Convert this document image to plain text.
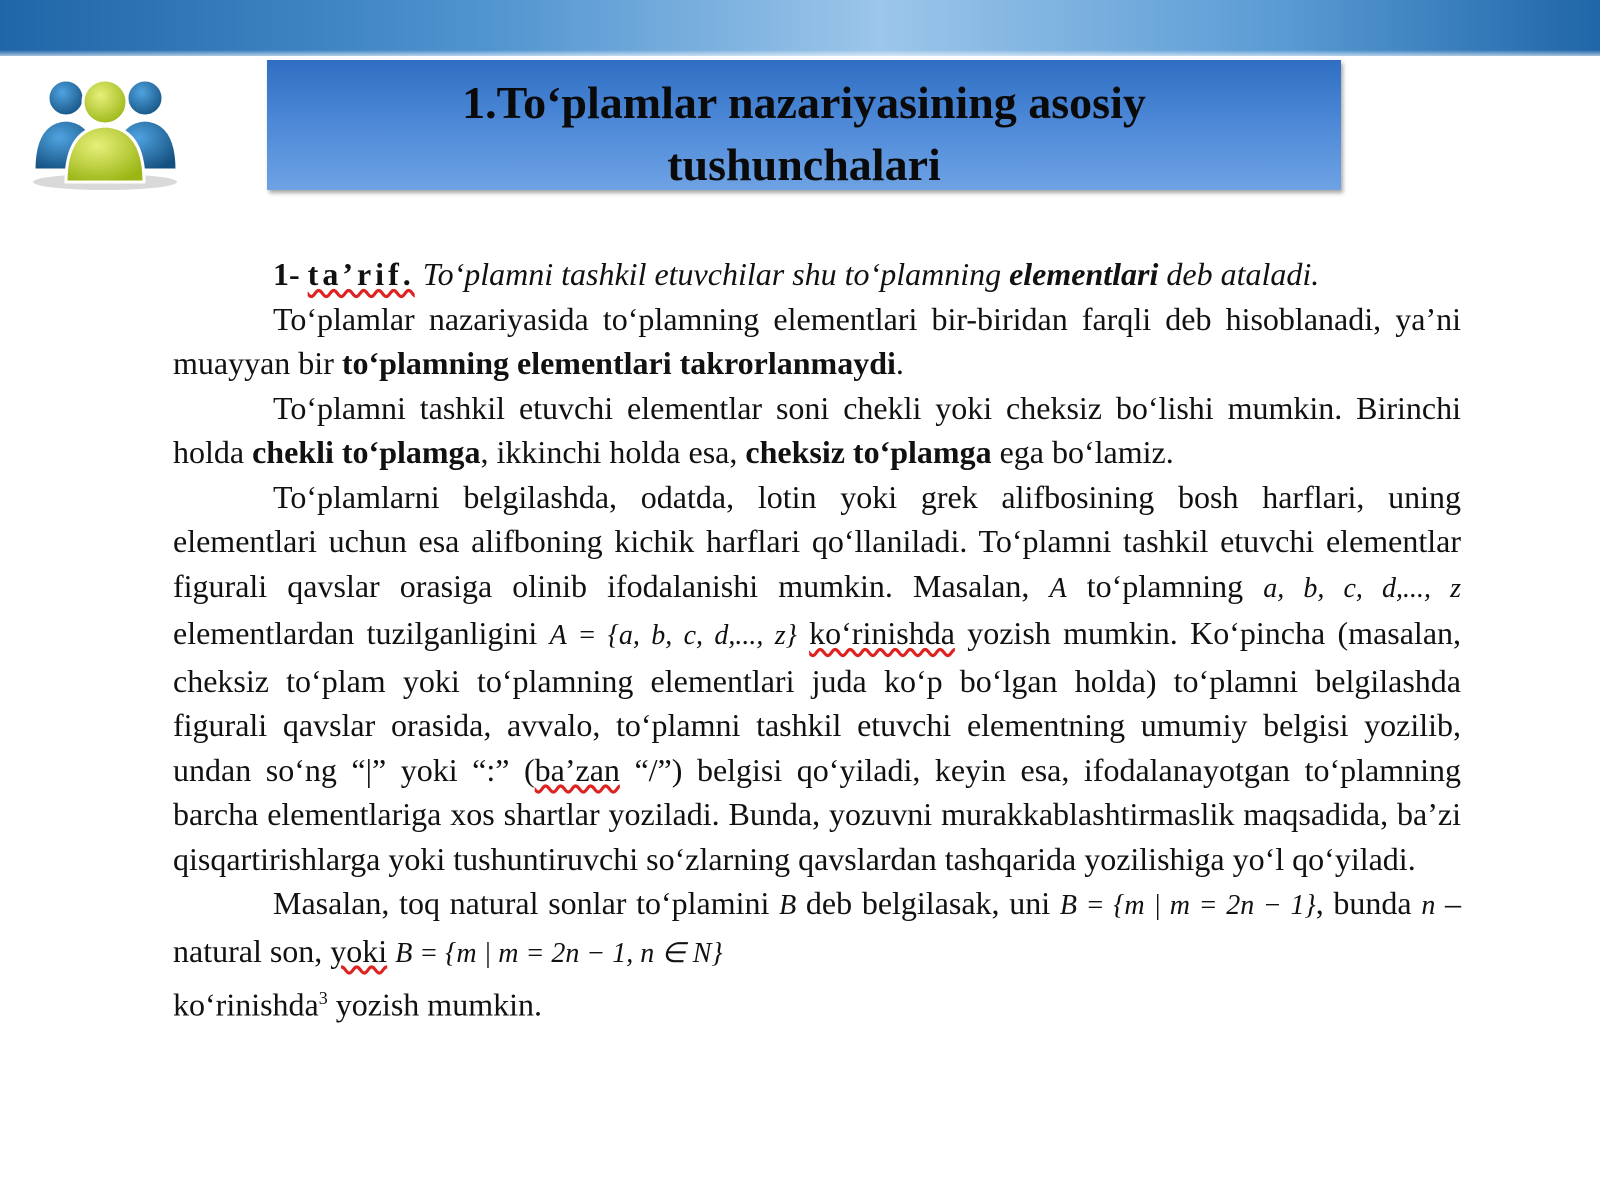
1.To‘plamlar nazariyasining asosiy
tushunchalari

1- ta’rif. To‘plamni tashkil etuvchilar shu to‘plamning elementlari deb ataladi.

To‘plamlar nazariyasida to‘plamning elementlari bir-biridan farqli deb hisoblanadi, ya’ni muayyan bir to‘plamning elementlari takrorlanmaydi.

To‘plamni tashkil etuvchi elementlar soni chekli yoki cheksiz bo‘lishi mumkin. Birinchi holda chekli to‘plamga, ikkinchi holda esa, cheksiz to‘plamga ega bo‘lamiz.

To‘plamlarni belgilashda, odatda, lotin yoki grek alifbosining bosh harflari, uning elementlari uchun esa alifboning kichik harflari qo‘llaniladi. To‘plamni tashkil etuvchi elementlar figurali qavslar orasiga olinib ifodalanishi mumkin. Masalan, A to‘plamning a, b, c, d,..., z elementlardan tuzilganligini A = {a, b, c, d,..., z} ko‘rinishda yozish mumkin. Ko‘pincha (masalan, cheksiz to‘plam yoki to‘plamning elementlari juda ko‘p bo‘lgan holda) to‘plamni belgilashda figurali qavslar orasida, avvalo, to‘plamni tashkil etuvchi elementning umumiy belgisi yozilib, undan so‘ng “|” yoki “:” (ba’zan “/”) belgisi qo‘yiladi, keyin esa, ifodalanayotgan to‘plamning barcha elementlariga xos shartlar yoziladi. Bunda, yozuvni murakkablashtirmaslik maqsadida, ba’zi qisqartirishlarga yoki tushuntiruvchi so‘zlarning qavslardan tashqarida yozilishiga yo‘l qo‘yiladi.

Masalan, toq natural sonlar to‘plamini B deb belgilasak, uni B = {m | m = 2n − 1}, bunda n – natural son, yoki B = {m | m = 2n − 1, n ∈ N}
ko‘rinishda$^3$ yozish mumkin.
